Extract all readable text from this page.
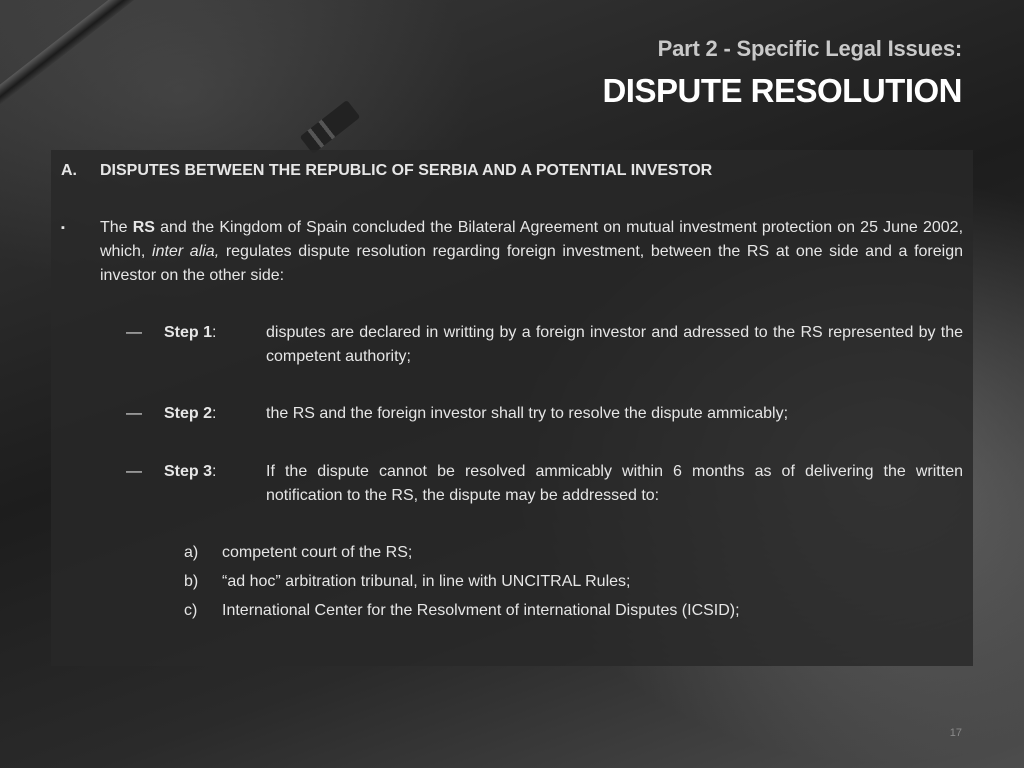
Part 2 - Specific Legal Issues:
DISPUTE RESOLUTION
A. DISPUTES BETWEEN THE REPUBLIC OF SERBIA AND A POTENTIAL INVESTOR
▪ The RS and the Kingdom of Spain concluded the Bilateral Agreement on mutual investment protection on 25 June 2002, which, inter alia, regulates dispute resolution regarding foreign investment, between the RS at one side and a foreign investor on the other side:
— Step 1:	disputes are declared in writting by a foreign investor and adressed to the RS represented by the competent authority;
— Step 2:	the RS and the foreign investor shall try to resolve the dispute ammicably;
— Step 3:	If the dispute cannot be resolved ammicably within 6 months as of delivering the written notification to the RS, the dispute may be addressed to:
a) competent court of the RS;
b) “ad hoc” arbitration tribunal, in line with UNCITRAL Rules;
c) International Center for the Resolvment of international Disputes (ICSID);
17
